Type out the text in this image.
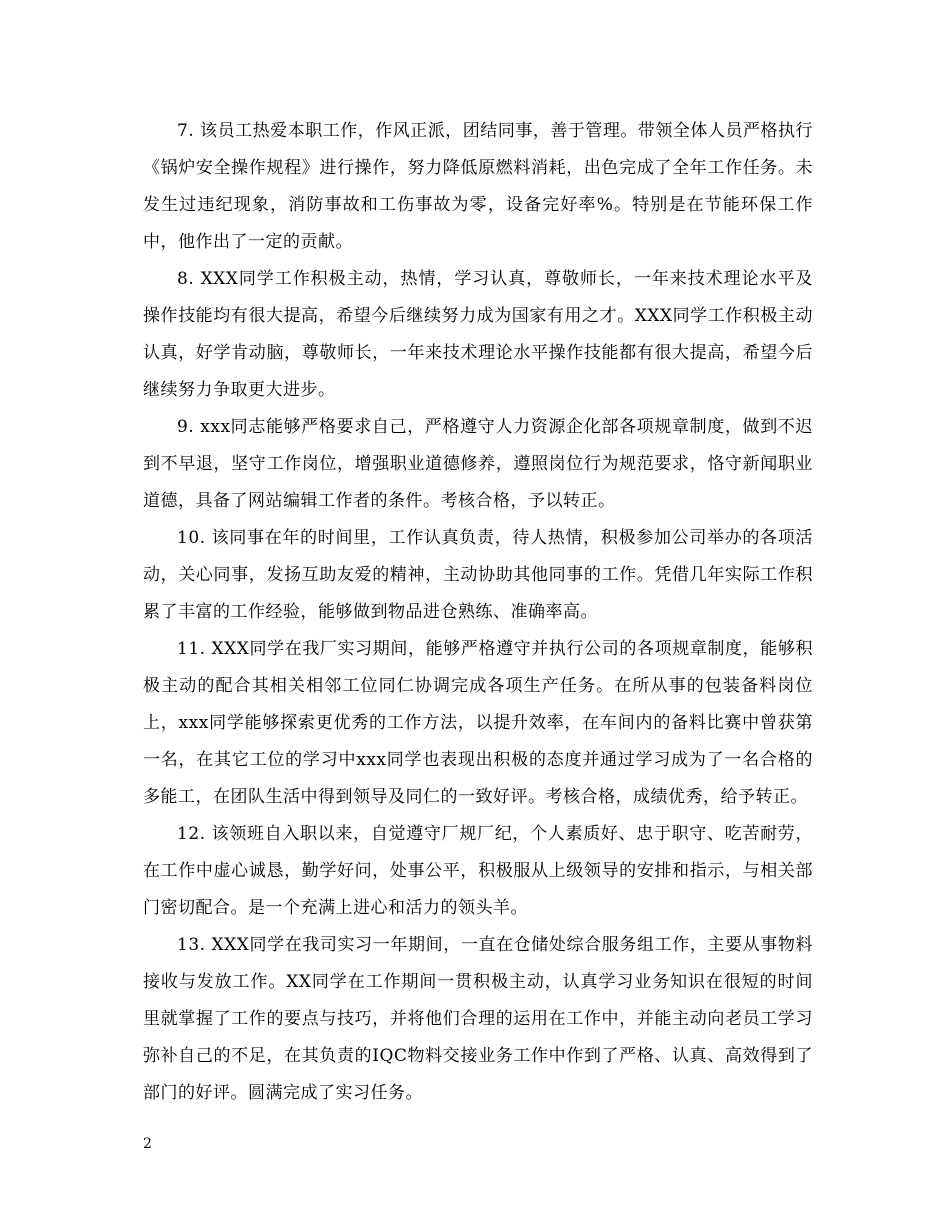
7. 该员工热爱本职工作，作风正派，团结同事，善于管理。带领全体人员严格执行《锅炉安全操作规程》进行操作，努力降低原燃料消耗，出色完成了全年工作任务。未发生过违纪现象，消防事故和工伤事故为零，设备完好率%。特别是在节能环保工作中，他作出了一定的贡献。

8. XXX同学工作积极主动，热情，学习认真，尊敬师长，一年来技术理论水平及操作技能均有很大提高，希望今后继续努力成为国家有用之才。XXX同学工作积极主动认真，好学肯动脑，尊敬师长，一年来技术理论水平操作技能都有很大提高，希望今后继续努力争取更大进步。

9. xxx同志能够严格要求自己，严格遵守人力资源企化部各项规章制度，做到不迟到不早退，坚守工作岗位，增强职业道德修养，遵照岗位行为规范要求，恪守新闻职业道德，具备了网站编辑工作者的条件。考核合格，予以转正。

10. 该同事在年的时间里，工作认真负责，待人热情，积极参加公司举办的各项活动，关心同事，发扬互助友爱的精神，主动协助其他同事的工作。凭借几年实际工作积累了丰富的工作经验，能够做到物品进仓熟练、准确率高。

11. XXX同学在我厂实习期间，能够严格遵守并执行公司的各项规章制度，能够积极主动的配合其相关相邻工位同仁协调完成各项生产任务。在所从事的包装备料岗位上，xxx同学能够探索更优秀的工作方法，以提升效率，在车间内的备料比赛中曾获第一名，在其它工位的学习中xxx同学也表现出积极的态度并通过学习成为了一名合格的多能工，在团队生活中得到领导及同仁的一致好评。考核合格，成绩优秀，给予转正。

12. 该领班自入职以来，自觉遵守厂规厂纪，个人素质好、忠于职守、吃苦耐劳，在工作中虚心诚恳，勤学好问，处事公平，积极服从上级领导的安排和指示，与相关部门密切配合。是一个充满上进心和活力的领头羊。

13. XXX同学在我司实习一年期间，一直在仓储处综合服务组工作，主要从事物料接收与发放工作。XX同学在工作期间一贯积极主动，认真学习业务知识在很短的时间里就掌握了工作的要点与技巧，并将他们合理的运用在工作中，并能主动向老员工学习弥补自己的不足，在其负责的IQC物料交接业务工作中作到了严格、认真、高效得到了部门的好评。圆满完成了实习任务。

2
